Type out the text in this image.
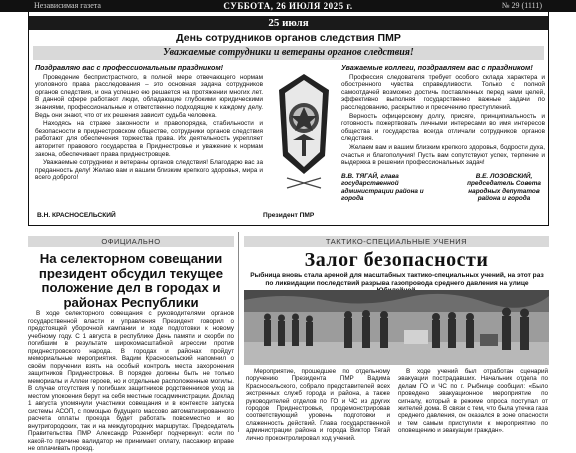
Независимая газета	СУББОТА, 26 ИЮЛЯ 2025 г.	№ 29 (1111)
25 июля
День сотрудников органов следствия ПМР
Уважаемые сотрудники и ветераны органов следствия!
Поздравляю вас с профессиональным праздником!

Проведение беспристрастного, в полной мере отвечающего нормам уголовного права расследования – это основная задача сотрудников органов следствия, и она успешно ею решается на протяжении многих лет. В данной сфере работают люди, обладающие глубокими юридическими знаниями, профессиональные и ответственно подходящие к каждому делу. Ведь они знают, что от их решения зависит судьба человека.

Находясь на страже законности и правопорядка, стабильности и безопасности в приднестровском обществе, сотрудники органов следствия работают для обеспечения торжества права. Их деятельность укрепляет авторитет правового государства в Приднестровье и уважение к нормам закона, обеспечивает права приднестровцев.

Уважаемые сотрудники и ветераны органов следствия! Благодарю вас за преданность делу! Желаю вам и вашим близким крепкого здоровья, мира и всего доброго!

В.Н. КРАСНОСЕЛЬСКИЙ	Президент ПМР
Уважаемые коллеги, поздравляем вас с праздником!

Профессия следователя требует особого склада характера и обостренного чувства справедливости. Только с полной самоотдачей возможно достичь поставленных перед нами целей, эффективно выполняя государственно важные задачи по расследованию, раскрытию и пресечению преступлений.

Верность офицерскому долгу, присяге, принципиальность и готовность пожертвовать личными интересами во имя интересов общества и государства всегда отличали сотрудников органов следствия.

Желаем вам и вашим близким крепкого здоровья, бодрости духа, счастья и благополучия! Пусть вам сопутствуют успех, терпение и выдержка в решении профессиональных задач!

В.В. ТЯГАЙ, глава государственной администрации района и города
В.Е. ЛОЗОВСКИЙ, председатель Совета народных депутатов района и города
ОФИЦИАЛЬНО	ТАКТИКО-СПЕЦИАЛЬНЫЕ УЧЕНИЯ
На селекторном совещании президент обсудил текущее положение дел в городах и районах Республики

В ходе селекторного совещания с руководителями органов государственной власти и управления Президент говорил о предстоящей уборочной кампании и ходе подготовки к новому учебному году. С 1 августа в республике День памяти и скорби по погибшим в результате широкомасштабной агрессии против приднестровского народа. В городах и районах пройдут мемориальные мероприятия. Вадим Красносельский напомнил о своём поручении взять на особый контроль места захоронения защитников Приднестровья. В порядке должны быть не только мемориалы и Аллеи героев, но и отдельные расположенные могилы. В случае отсутствия у погибших защитников родственников уход за местом упокоения берут на себя местные госадминистрации. Доклад 1 августа упомянули участники совещания и в контексте запуска системы АСОП, с помощью будущего массово автоматизированного расчета оплаты проезда будет работать повсеместно и во внутригородских, так и на междугородних маршрутах. Председатель Правительства ПМР Александр Розенберг подчеркнул: если по какой-то причине валидатор не принимает оплату, пассажир вправе не оплачивать проезд.

Залог безопасности
Рыбница вновь стала ареной для масштабных тактико-специальных учений, на этот раз по ликвидации последствий разрыва газопровода среднего давления на улице

Мероприятие, прошедшее по отдельному поручению Президента ПМР Вадима Красносельского, собрало представителей всех экстренных служб города и района, а также руководителей отделов по ГО и ЧС из других городов Приднестровья, продемонстрировав соответствующий уровень подготовки и слаженность действий. Глава государственной администрации района и города Виктор Тягай лично проконтролировал ход учений.

В ходе учений был отработан сценарий эвакуации пострадавших. Начальник отдела по делам ГО и ЧС по г. Рыбнице сообщил: «Было проведено эвакуационное мероприятие по сигналу, который в режиме опроса поступал от жителей дома. В связи с тем, что была утечка газа среднего давления, он оказался в зоне опасности и тем самым приступили к мероприятию по оповещению и эвакуации граждан».
